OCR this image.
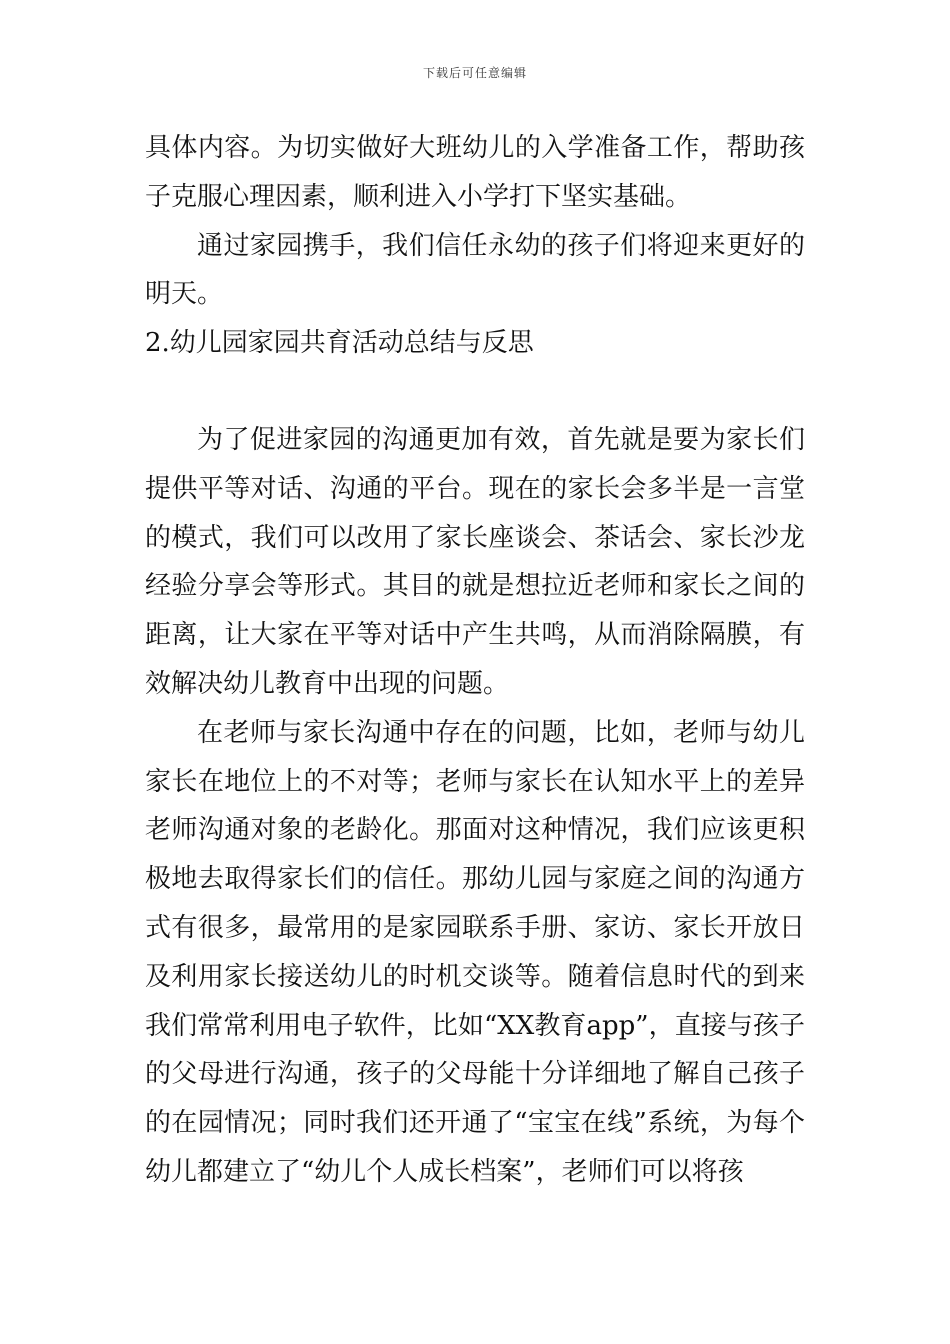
下载后可任意编辑

具体内容。为切实做好大班幼儿的入学准备工作，帮助孩子克服心理因素，顺利进入小学打下坚实基础。

通过家园携手，我们信任永幼的孩子们将迎来更好的明天。

2.幼儿园家园共育活动总结与反思

为了促进家园的沟通更加有效，首先就是要为家长们提供平等对话、沟通的平台。现在的家长会多半是一言堂的模式，我们可以改用了家长座谈会、茶话会、家长沙龙经验分享会等形式。其目的就是想拉近老师和家长之间的距离，让大家在平等对话中产生共鸣，从而消除隔膜，有效解决幼儿教育中出现的问题。

在老师与家长沟通中存在的问题，比如，老师与幼儿家长在地位上的不对等；老师与家长在认知水平上的差异老师沟通对象的老龄化。那面对这种情况，我们应该更积极地去取得家长们的信任。那幼儿园与家庭之间的沟通方式有很多，最常用的是家园联系手册、家访、家长开放日及利用家长接送幼儿的时机交谈等。随着信息时代的到来我们常常利用电子软件，比如“XX教育app”，直接与孩子的父母进行沟通，孩子的父母能十分详细地了解自己孩子的在园情况；同时我们还开通了“宝宝在线”系统，为每个幼儿都建立了“幼儿个人成长档案”，老师们可以将孩
